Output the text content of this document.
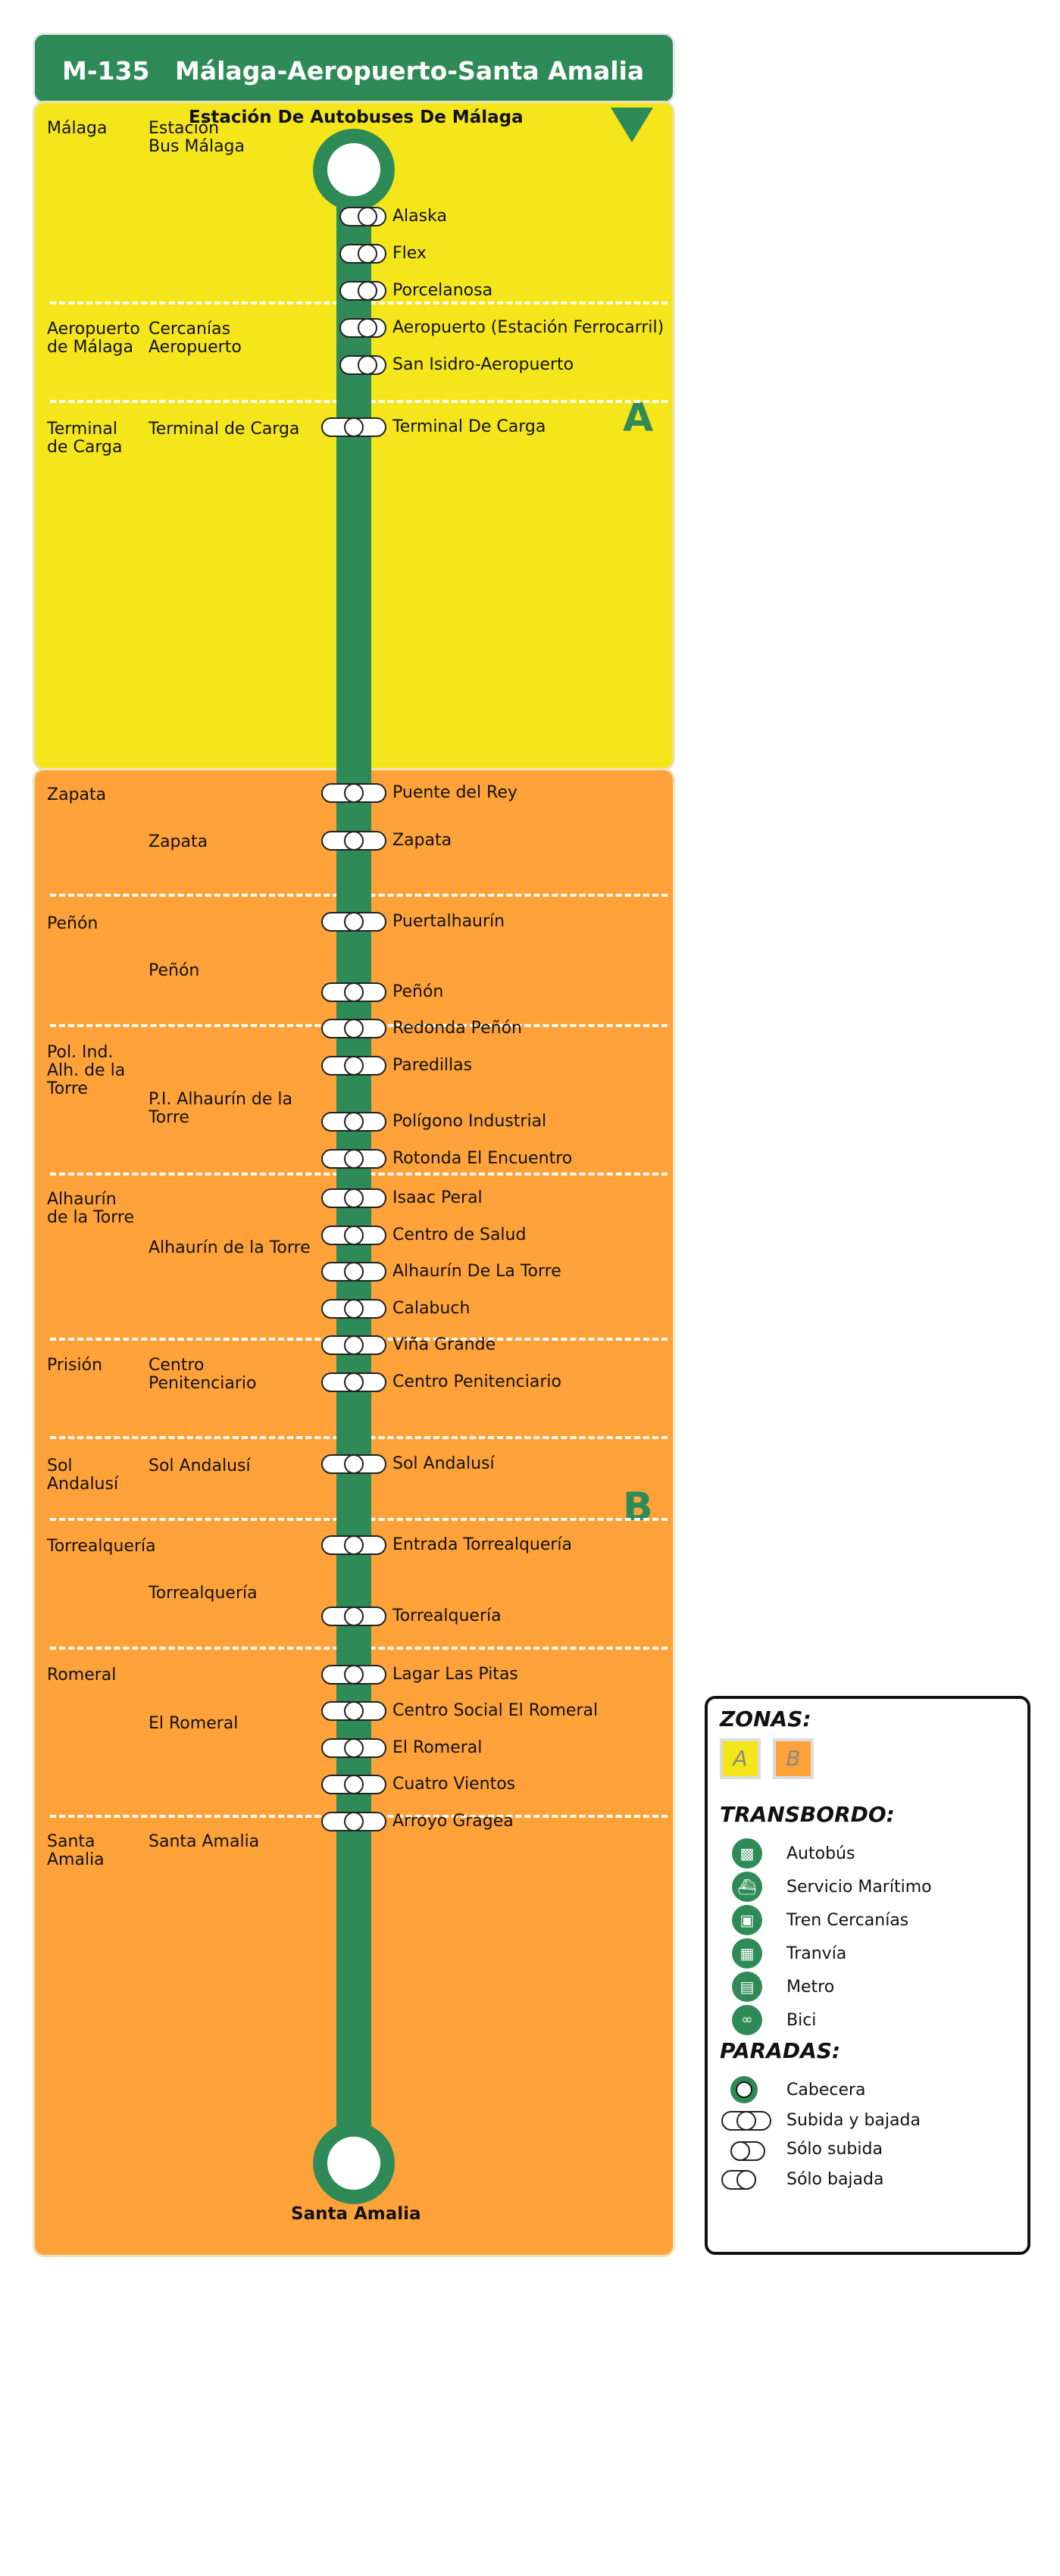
M-135 Málaga-Aeropuerto-Santa Amalia
A
B
Málaga
Aeropuerto de Málaga
Terminal de Carga
Zapata
Peñón
Pol. Ind. Alh. de la Torre
Alhaurín de la Torre
Prisión
Sol Andalusí
Torrealquería
Romeral
Santa Amalia
Estación Bus Málaga
Cercanías Aeropuerto
Terminal de Carga
Zapata
Peñón
P.I. Alhaurín de la Torre
Alhaurín de la Torre
Centro Penitenciario
Sol Andalusí
Torrealquería
El Romeral
Santa Amalia
Estación De Autobuses De Málaga
Santa Amalia
Alaska
Flex
Porcelanosa
Aeropuerto (Estación Ferrocarril)
San Isidro-Aeropuerto
Terminal De Carga
Puente del Rey
Zapata
Puertalhaurín
Peñón
Redonda Peñón
Paredillas
Polígono Industrial
Rotonda El Encuentro
Isaac Peral
Centro de Salud
Alhaurín De La Torre
Calabuch
Viña Grande
Centro Penitenciario
Sol Andalusí
Entrada Torrealquería
Torrealquería
Lagar Las Pitas
Centro Social El Romeral
El Romeral
Cuatro Vientos
Arroyo Gragea
ZONAS:
A	B
TRANSBORDO:
▩	Autobús
⛴	Servicio Marítimo
▣	Tren Cercanías
▦	Tranvía
▤	Metro
∞	Bici
PARADAS:
Cabecera
Subida y bajada
Sólo subida
Sólo bajada
